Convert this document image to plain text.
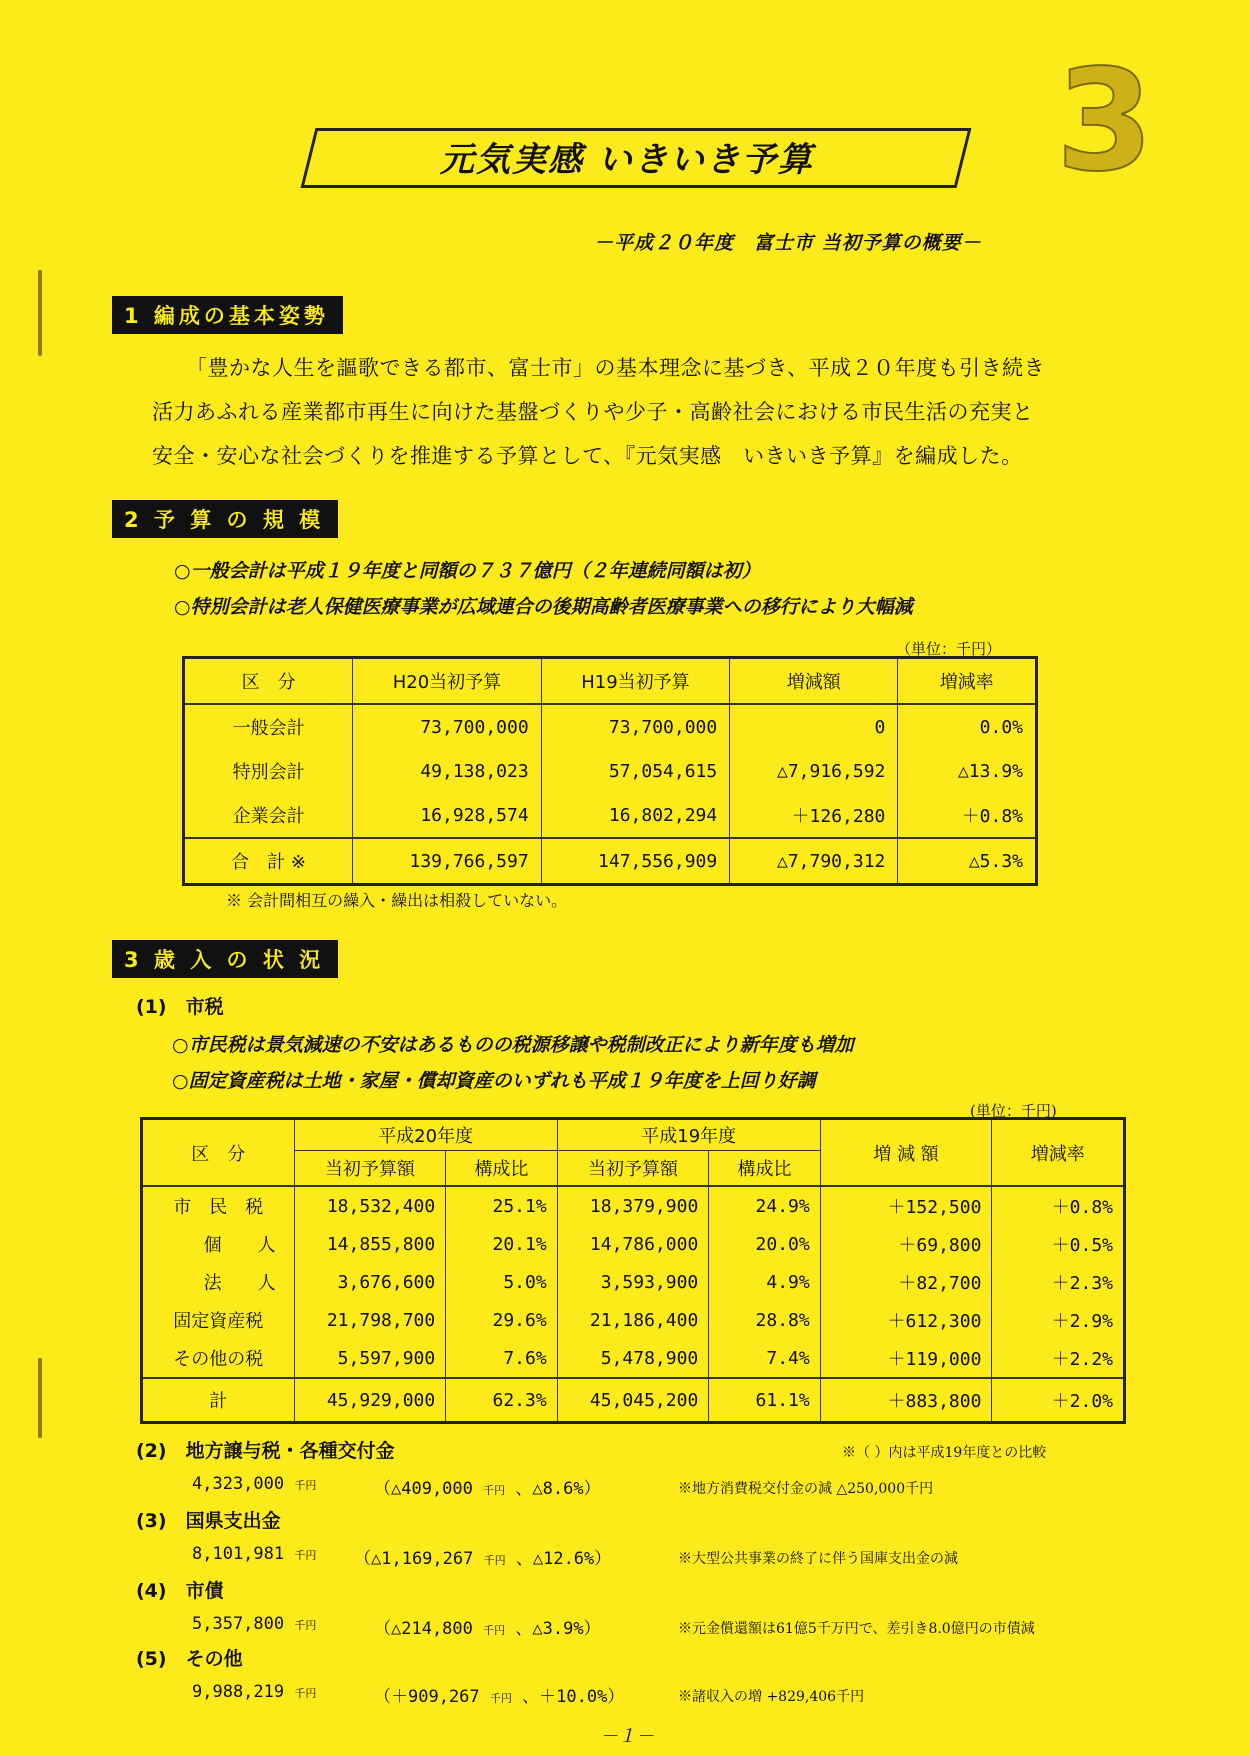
3
元気実感 いきいき予算
－平成２０年度　富士市 当初予算の概要－
1 編成の基本姿勢
「豊かな人生を謳歌できる都市、富士市」の基本理念に基づき、平成２０年度も引き続き
活力あふれる産業都市再生に向けた基盤づくりや少子・高齢社会における市民生活の充実と
安全・安心な社会づくりを推進する予算として、『元気実感　いきいき予算』を編成した。
2 予 算 の 規 模
○一般会計は平成１９年度と同額の７３７億円（２年連続同額は初）
○特別会計は老人保健医療事業が広域連合の後期高齢者医療事業への移行により大幅減
（単位：千円）
区　分	H20当初予算	H19当初予算	増減額	増減率
一般会計	73,700,000	73,700,000	0	0.0%
特別会計	49,138,023	57,054,615	△7,916,592	△13.9%
企業会計	16,928,574	16,802,294	＋126,280	＋0.8%
合　計 ※	139,766,597	147,556,909	△7,790,312	△5.3%
※ 会計間相互の繰入・繰出は相殺していない。
3 歳 入 の 状 況
(1)　市税
○市民税は景気減速の不安はあるものの税源移譲や税制改正により新年度も増加
○固定資産税は土地・家屋・償却資産のいずれも平成１９年度を上回り好調
(単位：千円)
区　分	平成20年度		平成19年度		増 減 額	増減率
	当初予算額	構成比	当初予算額	構成比		
市　民　税	18,532,400	25.1%	18,379,900	24.9%	＋152,500	＋0.8%
個　　人	14,855,800	20.1%	14,786,000	20.0%	＋69,800	＋0.5%
法　　人	3,676,600	5.0%	3,593,900	4.9%	＋82,700	＋2.3%
固定資産税	21,798,700	29.6%	21,186,400	28.8%	＋612,300	＋2.9%
その他の税	5,597,900	7.6%	5,478,900	7.4%	＋119,000	＋2.2%
計	45,929,000	62.3%	45,045,200	61.1%	＋883,800	＋2.0%
(2)　地方譲与税・各種交付金	※（ ）内は平成19年度との比較
4,323,000 千円	（△409,000 千円 、△8.6%）	※地方消費税交付金の減 △250,000千円
(3)　国県支出金
8,101,981 千円 （△1,169,267 千円 、△12.6%）	※大型公共事業の終了に伴う国庫支出金の減
(4)　市債
5,357,800 千円	（△214,800 千円 、△3.9%）	※元金償還額は61億5千万円で、差引き8.0億円の市債減
(5)　その他
9,988,219 千円	（＋909,267 千円 、＋10.0%）	※諸収入の増 +829,406千円
－１－
